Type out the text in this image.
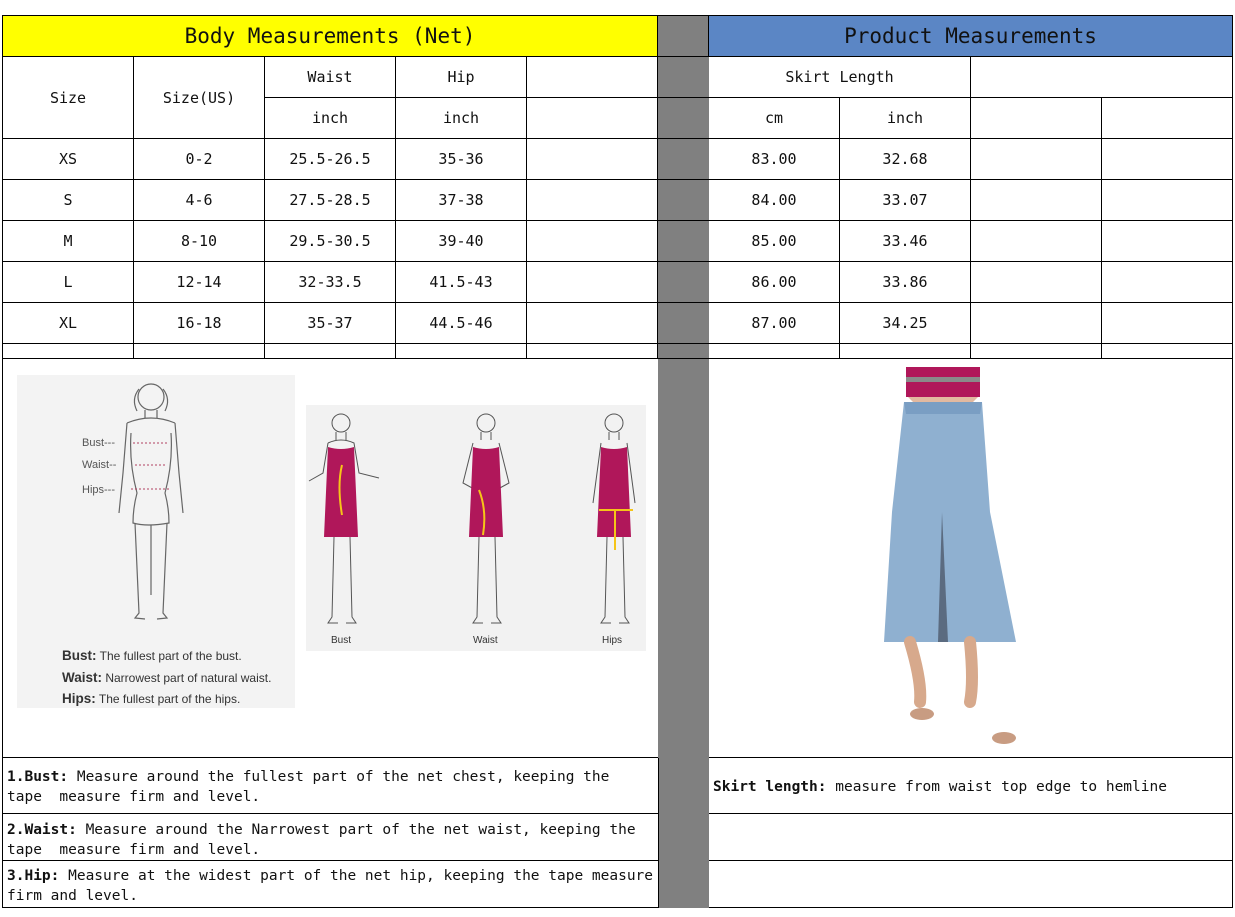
Body Measurements (Net)	Product Measurements
Size	Size(US)
Waist	Hip
inch	inch
Skirt Length
cm	inch
XS	0-2	25.5-26.5	35-36	83.00	32.68
S	4-6	27.5-28.5	37-38	84.00	33.07
M	8-10	29.5-30.5	39-40	85.00	33.46
L	12-14	32-33.5	41.5-43	86.00	33.86
XL	16-18	35-37	44.5-46	87.00	34.25
Bust---
Waist--
Hips---
Bust: The fullest part of the bust.
Waist: Narrowest part of natural waist.
Hips: The fullest part of the hips.
Bust	Waist	Hips
1.Bust: Measure around the fullest part of the net chest, keeping the tape  measure firm and level.
2.Waist: Measure around the Narrowest part of the net waist, keeping the tape  measure firm and level.
3.Hip: Measure at the widest part of the net hip, keeping the tape measure firm and level.
Skirt length: measure from waist top edge to hemline
